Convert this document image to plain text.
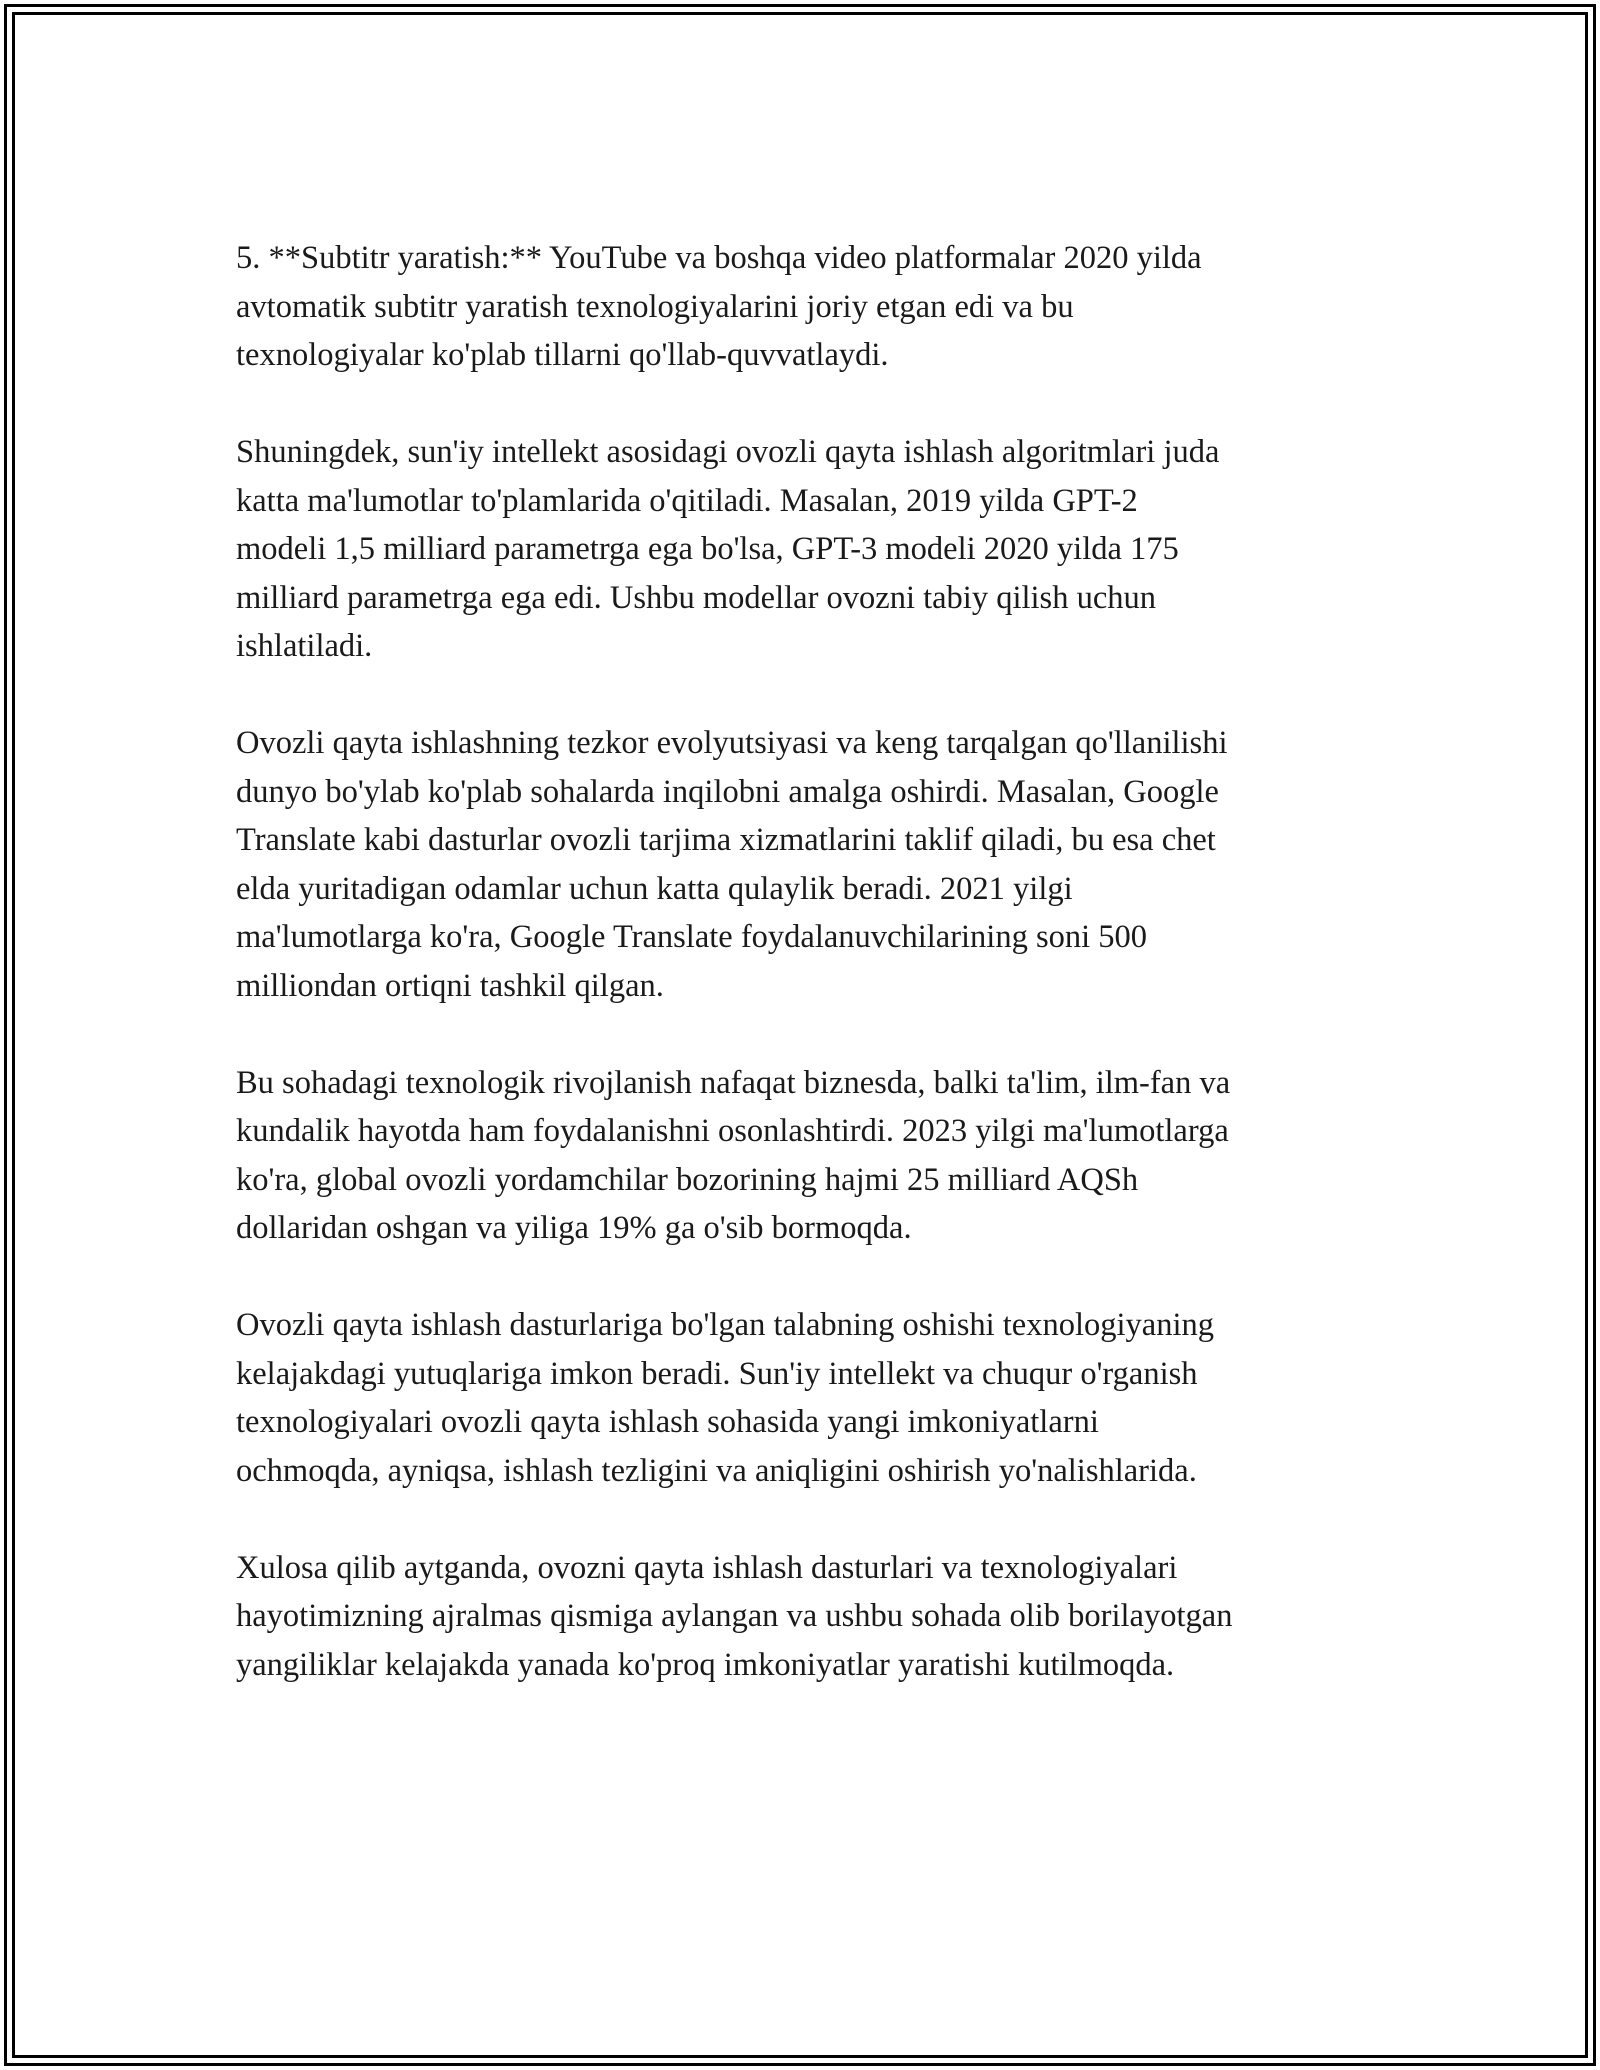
5. **Subtitr yaratish:** YouTube va boshqa video platformalar 2020 yilda
avtomatik subtitr yaratish texnologiyalarini joriy etgan edi va bu
texnologiyalar ko'plab tillarni qo'llab-quvvatlaydi.

Shuningdek, sun'iy intellekt asosidagi ovozli qayta ishlash algoritmlari juda
katta ma'lumotlar to'plamlarida o'qitiladi. Masalan, 2019 yilda GPT-2
modeli 1,5 milliard parametrga ega bo'lsa, GPT-3 modeli 2020 yilda 175
milliard parametrga ega edi. Ushbu modellar ovozni tabiy qilish uchun
ishlatiladi.

Ovozli qayta ishlashning tezkor evolyutsiyasi va keng tarqalgan qo'llanilishi
dunyo bo'ylab ko'plab sohalarda inqilobni amalga oshirdi. Masalan, Google
Translate kabi dasturlar ovozli tarjima xizmatlarini taklif qiladi, bu esa chet
elda yuritadigan odamlar uchun katta qulaylik beradi. 2021 yilgi
ma'lumotlarga ko'ra, Google Translate foydalanuvchilarining soni 500
milliondan ortiqni tashkil qilgan.

Bu sohadagi texnologik rivojlanish nafaqat biznesda, balki ta'lim, ilm-fan va
kundalik hayotda ham foydalanishni osonlashtirdi. 2023 yilgi ma'lumotlarga
ko'ra, global ovozli yordamchilar bozorining hajmi 25 milliard AQSh
dollaridan oshgan va yiliga 19% ga o'sib bormoqda.

Ovozli qayta ishlash dasturlariga bo'lgan talabning oshishi texnologiyaning
kelajakdagi yutuqlariga imkon beradi. Sun'iy intellekt va chuqur o'rganish
texnologiyalari ovozli qayta ishlash sohasida yangi imkoniyatlarni
ochmoqda, ayniqsa, ishlash tezligini va aniqligini oshirish yo'nalishlarida.

Xulosa qilib aytganda, ovozni qayta ishlash dasturlari va texnologiyalari
hayotimizning ajralmas qismiga aylangan va ushbu sohada olib borilayotgan
yangiliklar kelajakda yanada ko'proq imkoniyatlar yaratishi kutilmoqda.
